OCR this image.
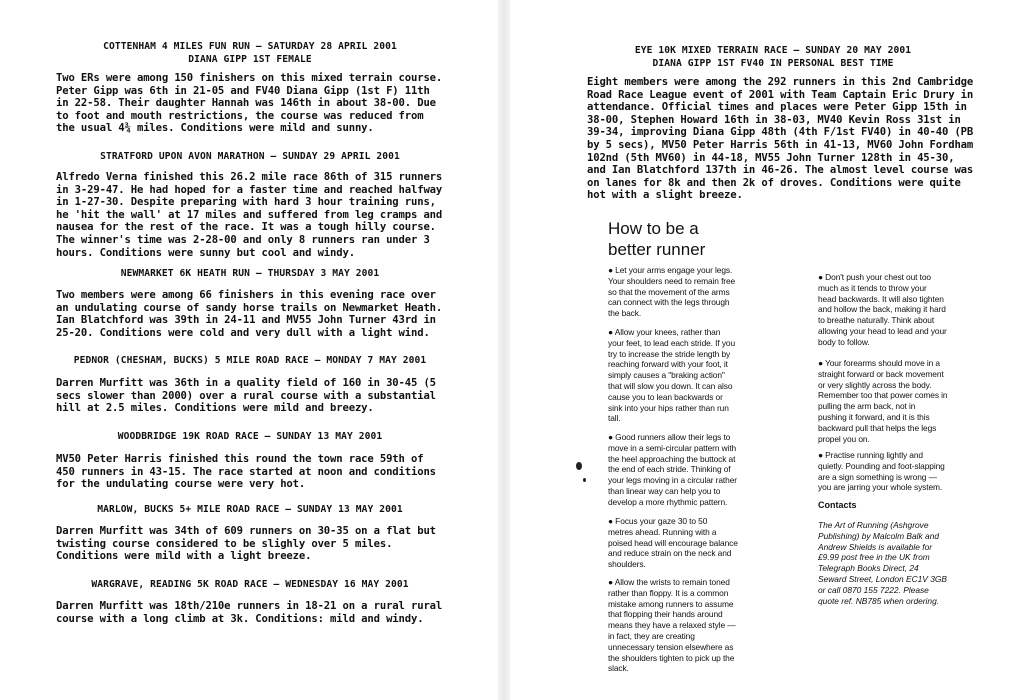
COTTENHAM 4 MILES FUN RUN – SATURDAY 28 APRIL 2001
DIANA GIPP 1ST FEMALE
Two ERs were among 150 finishers on this mixed terrain course.
Peter Gipp was 6th in 21-05 and FV40 Diana Gipp (1st F) 11th
in 22-58. Their daughter Hannah was 146th in about 38-00. Due
to foot and mouth restrictions, the course was reduced from
the usual 4¾ miles. Conditions were mild and sunny.
STRATFORD UPON AVON MARATHON – SUNDAY 29 APRIL 2001
Alfredo Verna finished this 26.2 mile race 86th of 315 runners
in 3-29-47. He had hoped for a faster time and reached halfway
in 1-27-30. Despite preparing with hard 3 hour training runs,
he 'hit the wall' at 17 miles and suffered from leg cramps and
nausea for the rest of the race. It was a tough hilly course.
The winner's time was 2-28-00 and only 8 runners ran under 3
hours. Conditions were sunny but cool and windy.
NEWMARKET 6K HEATH RUN – THURSDAY 3 MAY 2001
Two members were among 66 finishers in this evening race over
an undulating course of sandy horse trails on Newmarket Heath.
Ian Blatchford was 39th in 24-11 and MV55 John Turner 43rd in
25-20. Conditions were cold and very dull with a light wind.
PEDNOR (CHESHAM, BUCKS) 5 MILE ROAD RACE – MONDAY 7 MAY 2001
Darren Murfitt was 36th in a quality field of 160 in 30-45 (5
secs slower than 2000) over a rural course with a substantial
hill at 2.5 miles. Conditions were mild and breezy.
WOODBRIDGE 19K ROAD RACE – SUNDAY 13 MAY 2001
MV50 Peter Harris finished this round the town race 59th of
450 runners in 43-15. The race started at noon and conditions
for the undulating course were very hot.
MARLOW, BUCKS 5+ MILE ROAD RACE – SUNDAY 13 MAY 2001
Darren Murfitt was 34th of 609 runners on 30-35 on a flat but
twisting course considered to be slighly over 5 miles.
Conditions were mild with a light breeze.
WARGRAVE, READING 5K ROAD RACE – WEDNESDAY 16 MAY 2001
Darren Murfitt was 18th/210e runners in 18-21 on a rural rural
course with a long climb at 3k. Conditions: mild and windy.
EYE 10K MIXED TERRAIN RACE – SUNDAY 20 MAY 2001
DIANA GIPP 1ST FV40 IN PERSONAL BEST TIME
Eight members were among the 292 runners in this 2nd Cambridge
Road Race League event of 2001 with Team Captain Eric Drury in
attendance. Official times and places were Peter Gipp 15th in
38-00, Stephen Howard 16th in 38-03, MV40 Kevin Ross 31st in
39-34, improving Diana Gipp 48th (4th F/1st FV40) in 40-40 (PB
by 5 secs), MV50 Peter Harris 56th in 41-13, MV60 John Fordham
102nd (5th MV60) in 44-18, MV55 John Turner 128th in 45-30,
and Ian Blatchford 137th in 46-26. The almost level course was
on lanes for 8k and then 2k of droves. Conditions were quite
hot with a slight breeze.
How to be a
better runner
● Let your arms engage your legs.
Your shoulders need to remain free
so that the movement of the arms
can connect with the legs through
the back.
● Allow your knees, rather than
your feet, to lead each stride. If you
try to increase the stride length by
reaching forward with your foot, it
simply causes a "braking action"
that will slow you down. It can also
cause you to lean backwards or
sink into your hips rather than run
tall.
● Good runners allow their legs to
move in a semi-circular pattern with
the heel approaching the buttock at
the end of each stride. Thinking of
your legs moving in a circular rather
than linear way can help you to
develop a more rhythmic pattern.
● Focus your gaze 30 to 50
metres ahead. Running with a
poised head will encourage balance
and reduce strain on the neck and
shoulders.
● Allow the wrists to remain toned
rather than floppy. It is a common
mistake among runners to assume
that flopping their hands around
means they have a relaxed style —
in fact, they are creating
unnecessary tension elsewhere as
the shoulders tighten to pick up the
slack.
● Don't push your chest out too
much as it tends to throw your
head backwards. It will also tighten
and hollow the back, making it hard
to breathe naturally. Think about
allowing your head to lead and your
body to follow.
● Your forearms should move in a
straight forward or back movement
or very slightly across the body.
Remember too that power comes in
pulling the arm back, not in
pushing it forward, and it is this
backward pull that helps the legs
propel you on.
● Practise running lightly and
quietly. Pounding and foot-slapping
are a sign something is wrong —
you are jarring your whole system.
Contacts
The Art of Running (Ashgrove
Publishing) by Malcolm Balk and
Andrew Shields is available for
£9.99 post free in the UK from
Telegraph Books Direct, 24
Seward Street, London EC1V 3GB
or call 0870 155 7222. Please
quote ref. NB785 when ordering.
